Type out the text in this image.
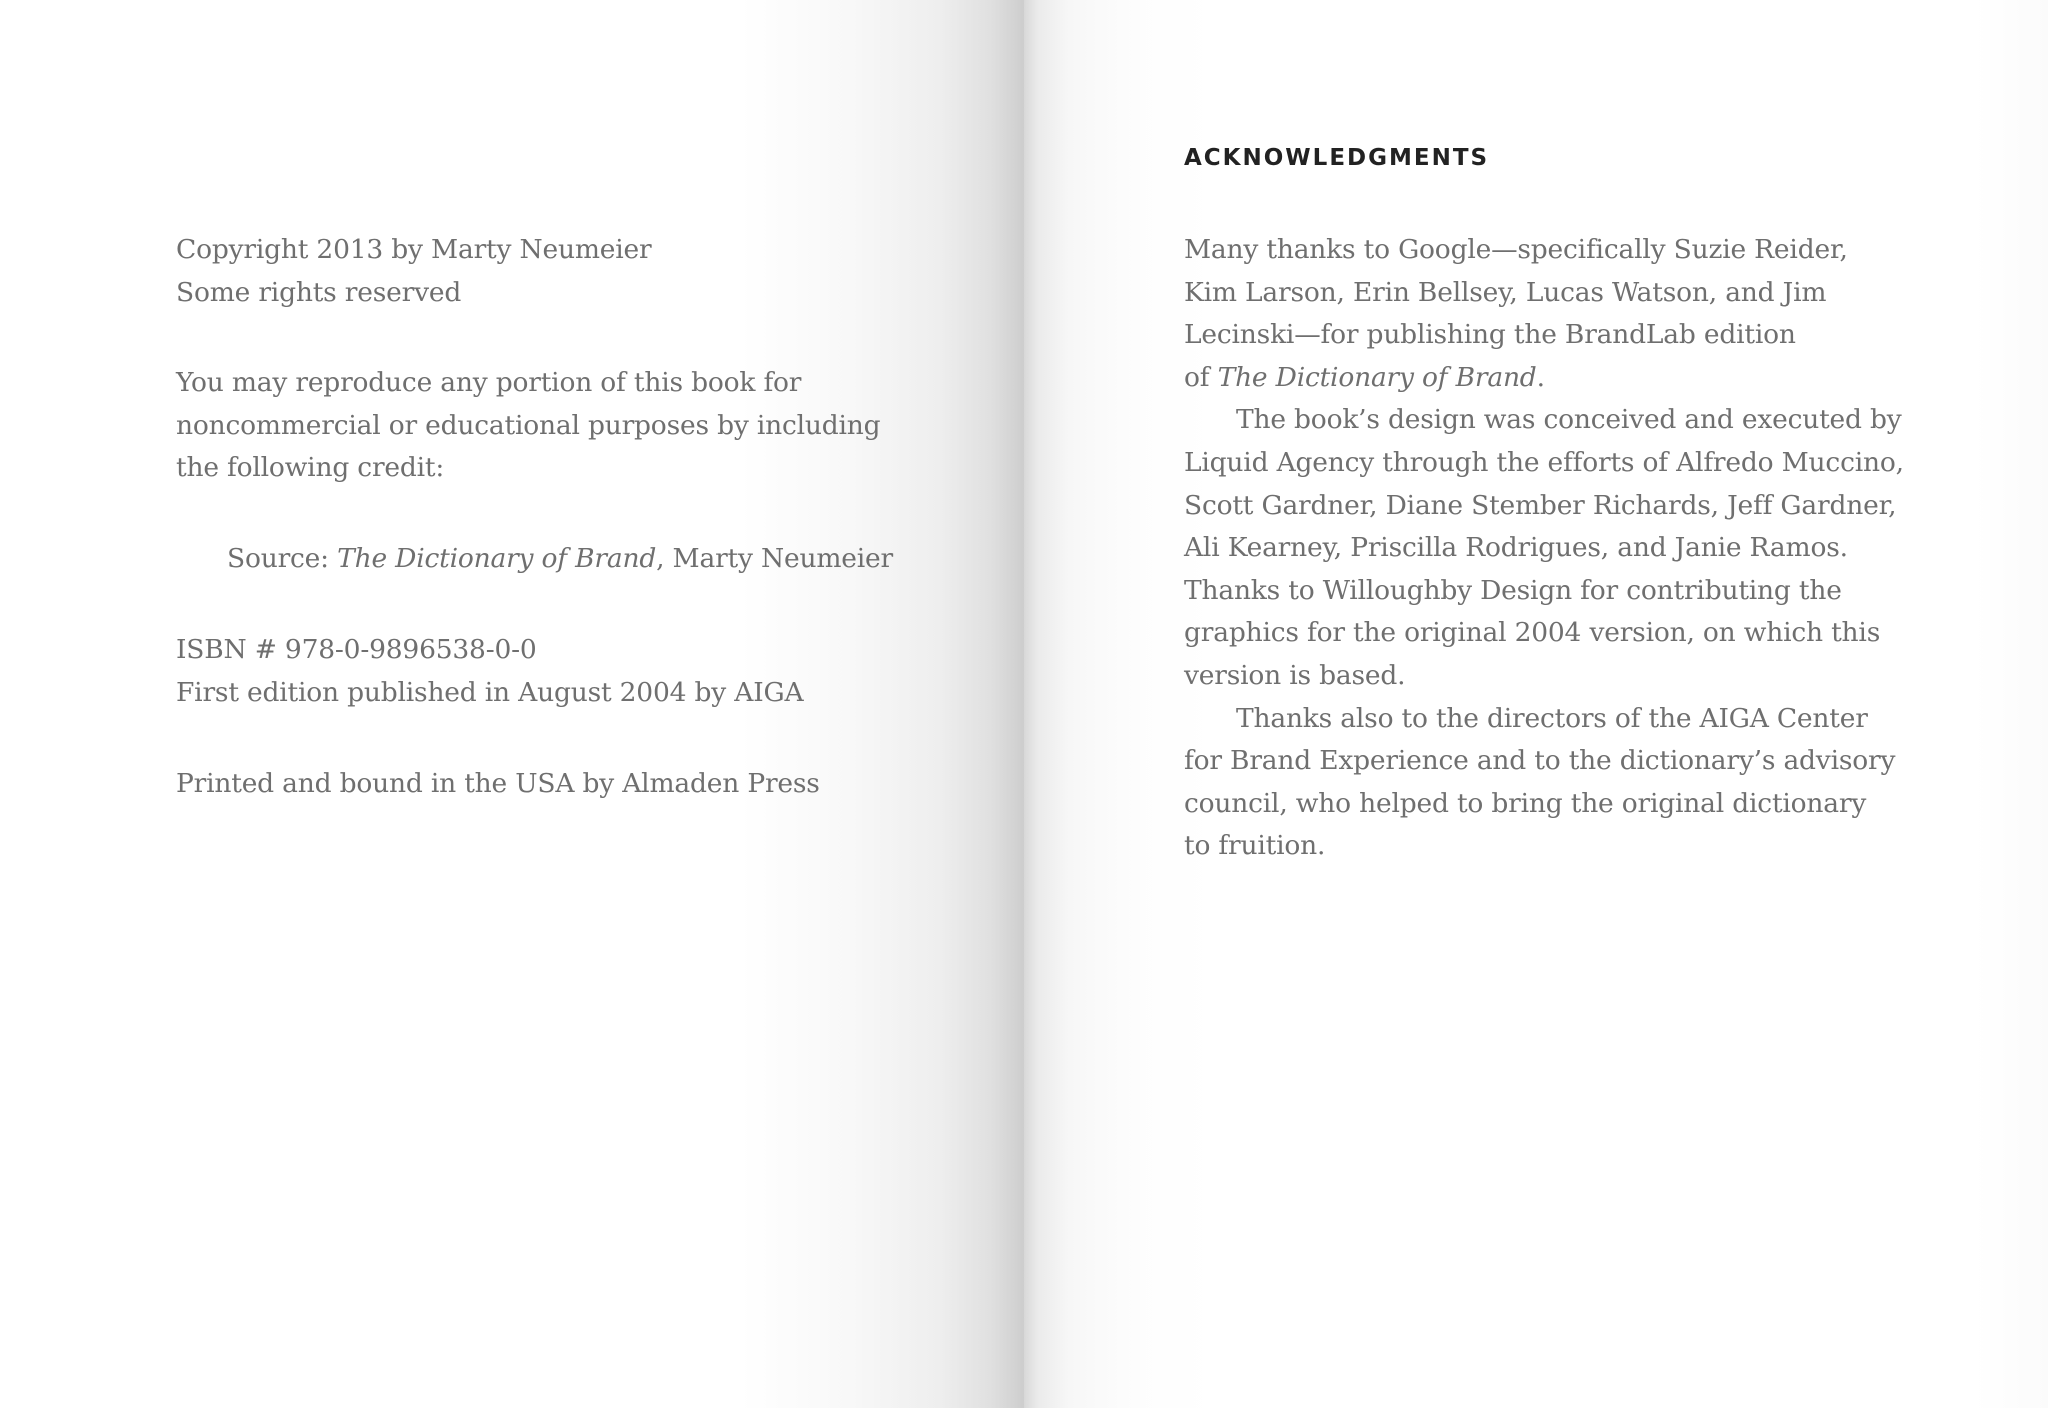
Copyright 2013 by Marty Neumeier
Some rights reserved
You may reproduce any portion of this book for
noncommercial or educational purposes by including
the following credit:
Source: The Dictionary of Brand, Marty Neumeier
ISBN # 978-0-9896538-0-0
First edition published in August 2004 by AIGA
Printed and bound in the USA by Almaden Press
ACKNOWLEDGMENTS
Many thanks to Google—specifically Suzie Reider,
Kim Larson, Erin Bellsey, Lucas Watson, and Jim
Lecinski—for publishing the BrandLab edition
of The Dictionary of Brand.
The book’s design was conceived and executed by
Liquid Agency through the efforts of Alfredo Muccino,
Scott Gardner, Diane Stember Richards, Jeff Gardner,
Ali Kearney, Priscilla Rodrigues, and Janie Ramos.
Thanks to Willoughby Design for contributing the
graphics for the original 2004 version, on which this
version is based.
Thanks also to the directors of the AIGA Center
for Brand Experience and to the dictionary’s advisory
council, who helped to bring the original dictionary
to fruition.
